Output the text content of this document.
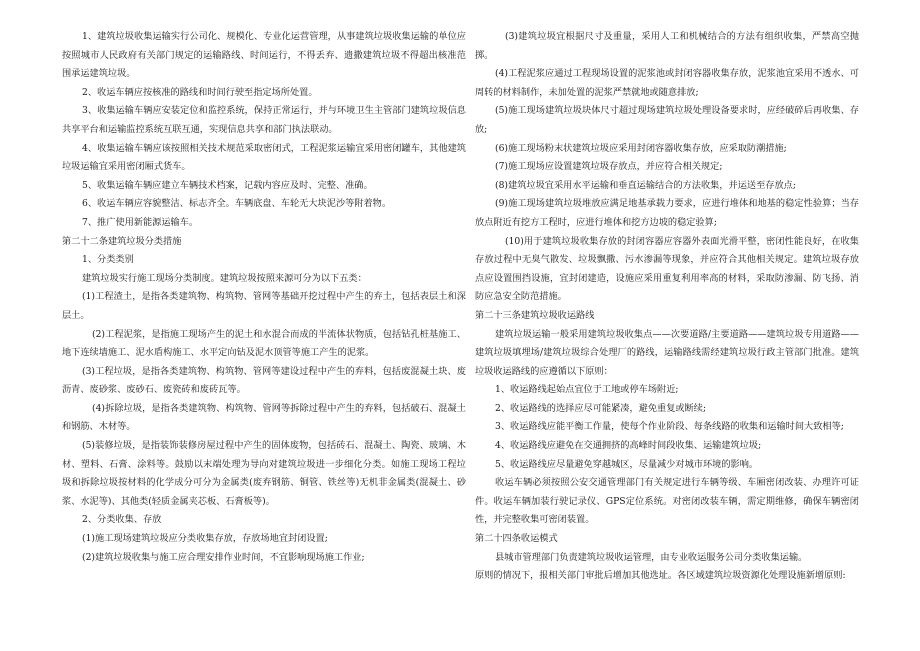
1、建筑垃圾收集运输实行公司化、规模化、专业化运营管理，从事建筑垃圾收集运输的单位应按照城市人民政府有关部门规定的运输路线、时间运行，不得丢弃、遗撒建筑垃圾不得超出核准范围承运建筑垃圾。

2、收运车辆应按核准的路线和时间行驶至指定场所处置。

3、收集运输车辆应安装定位和监控系统，保持正常运行，并与环境卫生主管部门建筑垃圾信息共享平台和运输监控系统互联互通，实现信息共享和部门执法联动。

4、收集运输车辆应该按照相关技术规范采取密闭式，工程泥浆运输宜采用密闭罐车，其他建筑垃圾运输宜采用密闭厢式货车。

5、收集运输车辆应建立车辆技术档案，记载内容应及时、完整、准确。

6、收运车辆应容貌整洁、标志齐全。车辆底盘、车轮无大块泥沙等附着物。

7、推广使用新能源运输车。

第二十二条建筑垃圾分类措施

1、分类类别

建筑垃圾实行施工现场分类制度。建筑垃圾按照来源可分为以下五类：

(1)工程渣土，是指各类建筑物、构筑物、管网等基础开挖过程中产生的弃土，包括表层土和深层土。

(2)工程泥浆，是指施工现场产生的泥土和水混合而成的半流体状物质，包括钻孔桩基施工、地下连续墙施工、泥水盾构施工、水平定向钻及泥水顶管等施工产生的泥浆。

(3)工程垃圾，是指各类建筑物、构筑物、管网等建设过程中产生的弃料，包括废混凝土块、废沥青、废砂浆、废砂石、废瓷砖和废砖瓦等。

(4)拆除垃圾，是指各类建筑物、构筑物、管网等拆除过程中产生的弃料，包括破石、混凝土和钢筋、木材等。

(5)装修垃圾，是指装饰装修房屋过程中产生的固体废物，包括砖石、混凝土、陶瓷、玻璃、木材、塑料、石膏、涂料等。鼓励以末端处理为导向对建筑垃圾进一步细化分类。如施工现场工程垃圾和拆除垃圾按材料的化学成分可分为金属类(废弃钢筋、铜管、铁丝等)无机非金属类(混凝土、砂浆、水泥等)、其他类(轻质金属夹芯板、石膏板等)。

2、分类收集、存放

(1)施工现场建筑垃圾应分类收集存放，存放场地宜封闭设置;

(2)建筑垃圾收集与施工应合理安排作业时间，不宜影响现场施工作业;

(3)建筑垃圾宜根据尺寸及重量，采用人工和机械结合的方法有组织收集，严禁高空抛掷。

(4)工程泥浆应通过工程现场设置的泥浆池或封闭容器收集存放，泥浆池宜采用不透水、可周转的材料制作，未加处置的泥浆严禁就地或随意排放;

(5)施工现场建筑垃圾块体尺寸超过现场建筑垃圾处理设备要求时，应经破碎后再收集、存放;

(6)施工现场粉末状建筑垃圾应采用封闭容器收集存放，应采取防潮措施;

(7)施工现场应设置建筑垃圾存放点，并应符合相关规定;

(8)建筑垃圾宜采用水平运输和垂直运输结合的方法收集，并运送至存放点;

(9)施工现场建筑垃圾堆放应满足地基承载力要求，应进行堆体和地基的稳定性验算；当存放点附近有挖方工程时，应进行堆体和挖方边坡的稳定验算;

(10)用于建筑垃圾收集存放的封闭容器应容器外表面光滑平整，密闭性能良好，在收集存放过程中无臭气散发、垃圾飘撒、污水渗漏等现象，并应符合其他相关规定。建筑垃圾存放点应设置围挡设施，宜封闭建造，设施应采用重复利用率高的材料，采取防渗漏、防飞扬、消防应急安全防范措施。

第二十三条建筑垃圾收运路线

建筑垃圾运输一般采用建筑垃圾收集点——次要道路/主要道路——建筑垃圾专用道路——建筑垃圾填埋场/建筑垃圾综合处理厂的路线，运输路线需经建筑垃圾行政主管部门批准。建筑垃圾收运路线的应遵循以下原则：

1、收运路线起始点宜位于工地或停车场附近;

2、收运路线的选择应尽可能紧凑，避免重复或断续;

3、收运路线应能平衡工作量，使每个作业阶段、每条线路的收集和运输时间大致相等;

4、收运路线应避免在交通拥挤的高峰时间段收集、运输建筑垃圾;

5、收运路线应尽量避免穿越城区，尽量减少对城市环境的影响。

收运车辆必须按照公安交通管理部门有关规定进行车辆等级、车厢密闭改装、办理许可证件。收运车辆加装行驶记录仪、GPS定位系统。对密闭改装车辆，需定期维修，确保车辆密闭性，并完整收集可密闭装置。

第二十四条收运模式

县城市管理部门负责建筑垃圾收运管理，由专业收运服务公司分类收集运输。

原则的情况下，报相关部门审批后增加其他选址。各区域建筑垃圾资源化处理设施新增原则:
